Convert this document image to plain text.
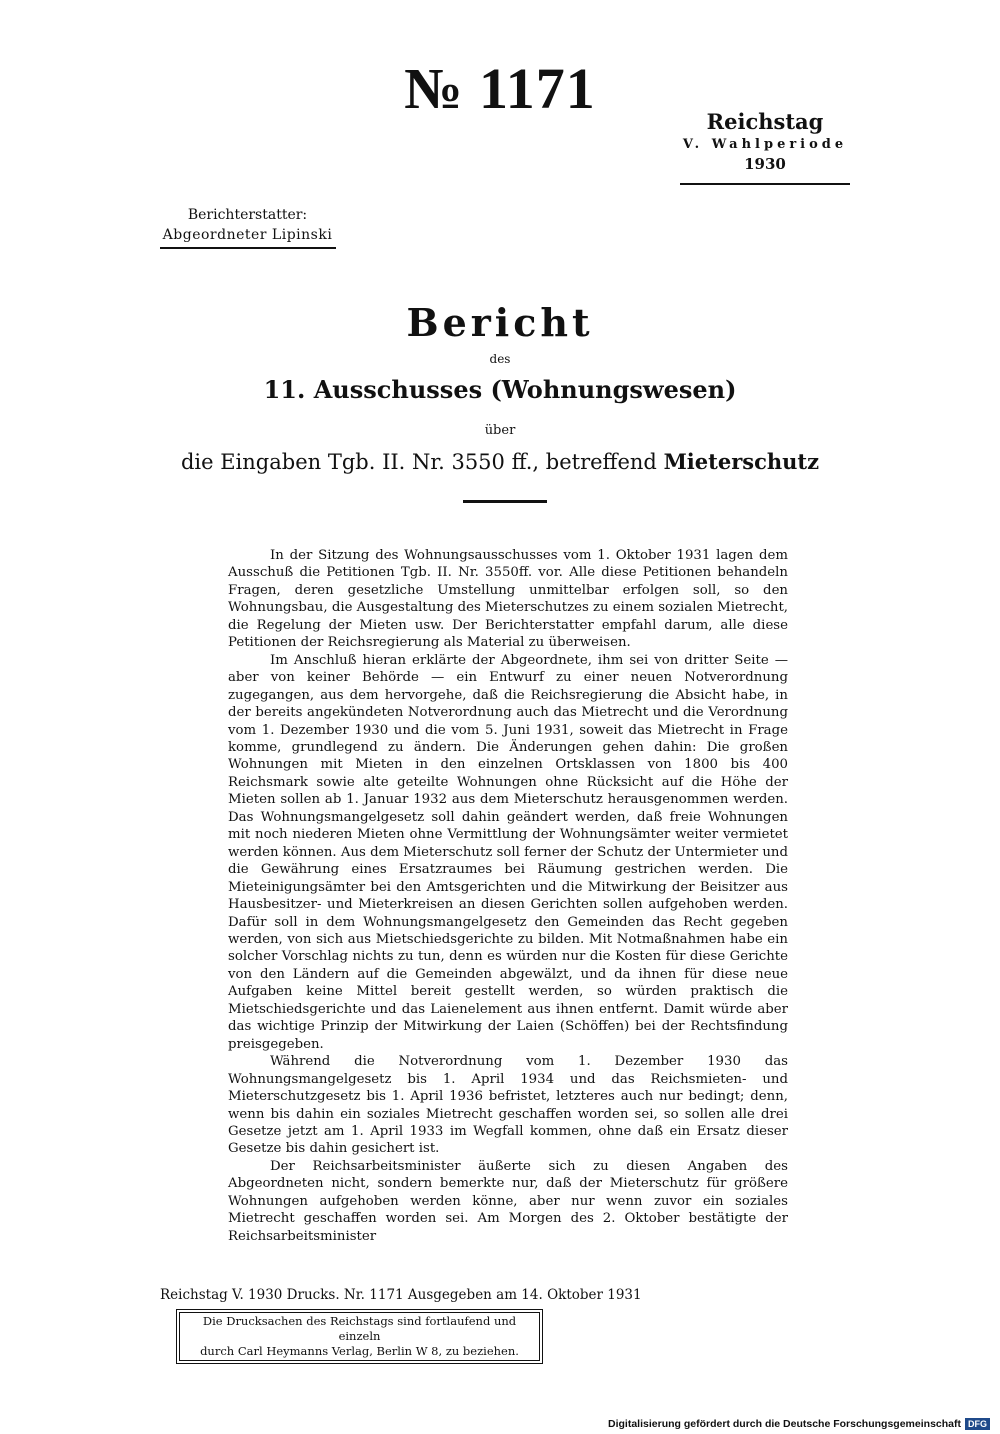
№ 1171
Reichstag
V. Wahlperiode
1930
Berichterstatter:
Abgeordneter Lipinski
Bericht
des
11. Ausschusses (Wohnungswesen)
über
die Eingaben Tgb. II. Nr. 3550 ff., betreffend Mieterschutz

In der Sitzung des Wohnungsausschusses vom 1. Oktober 1931 lagen dem Ausschuß die Petitionen Tgb. II. Nr. 3550ff. vor. Alle diese Petitionen behandeln Fragen, deren gesetzliche Umstellung unmittelbar erfolgen soll, so den Wohnungsbau, die Ausgestaltung des Mieterschutzes zu einem sozialen Mietrecht, die Regelung der Mieten usw. Der Berichterstatter empfahl darum, alle diese Petitionen der Reichsregierung als Material zu überweisen.

Im Anschluß hieran erklärte der Abgeordnete, ihm sei von dritter Seite — aber von keiner Behörde — ein Entwurf zu einer neuen Notverordnung zugegangen, aus dem hervorgehe, daß die Reichsregierung die Absicht habe, in der bereits angekündeten Notverordnung auch das Mietrecht und die Verordnung vom 1. Dezember 1930 und die vom 5. Juni 1931, soweit das Mietrecht in Frage komme, grundlegend zu ändern. Die Änderungen gehen dahin: Die großen Wohnungen mit Mieten in den einzelnen Ortsklassen von 1800 bis 400 Reichsmark sowie alte geteilte Wohnungen ohne Rücksicht auf die Höhe der Mieten sollen ab 1. Januar 1932 aus dem Mieterschutz herausgenommen werden. Das Wohnungsmangelgesetz soll dahin geändert werden, daß freie Wohnungen mit noch niederen Mieten ohne Vermittlung der Wohnungsämter weiter vermietet werden können. Aus dem Mieterschutz soll ferner der Schutz der Untermieter und die Gewährung eines Ersatzraumes bei Räumung gestrichen werden. Die Mieteinigungsämter bei den Amtsgerichten und die Mitwirkung der Beisitzer aus Hausbesitzer- und Mieterkreisen an diesen Gerichten sollen aufgehoben werden. Dafür soll in dem Wohnungsmangelgesetz den Gemeinden das Recht gegeben werden, von sich aus Mietschiedsgerichte zu bilden. Mit Notmaßnahmen habe ein solcher Vorschlag nichts zu tun, denn es würden nur die Kosten für diese Gerichte von den Ländern auf die Gemeinden abgewälzt, und da ihnen für diese neue Aufgaben keine Mittel bereit gestellt werden, so würden praktisch die Mietschiedsgerichte und das Laienelement aus ihnen entfernt. Damit würde aber das wichtige Prinzip der Mitwirkung der Laien (Schöffen) bei der Rechtsfindung preisgegeben.

Während die Notverordnung vom 1. Dezember 1930 das Wohnungsmangelgesetz bis 1. April 1934 und das Reichsmieten- und Mieterschutzgesetz bis 1. April 1936 befristet, letzteres auch nur bedingt; denn, wenn bis dahin ein soziales Mietrecht geschaffen worden sei, so sollen alle drei Gesetze jetzt am 1. April 1933 im Wegfall kommen, ohne daß ein Ersatz dieser Gesetze bis dahin gesichert ist.

Der Reichsarbeitsminister äußerte sich zu diesen Angaben des Abgeordneten nicht, sondern bemerkte nur, daß der Mieterschutz für größere Wohnungen aufgehoben werden könne, aber nur wenn zuvor ein soziales Mietrecht geschaffen worden sei. Am Morgen des 2. Oktober bestätigte der Reichsarbeitsminister

Reichstag V. 1930 Drucks. Nr. 1171 Ausgegeben am 14. Oktober 1931
Die Drucksachen des Reichstags sind fortlaufend und einzeln
durch Carl Heymanns Verlag, Berlin W 8, zu beziehen.
Digitalisierung gefördert durch die Deutsche Forschungsgemeinschaft DFG
